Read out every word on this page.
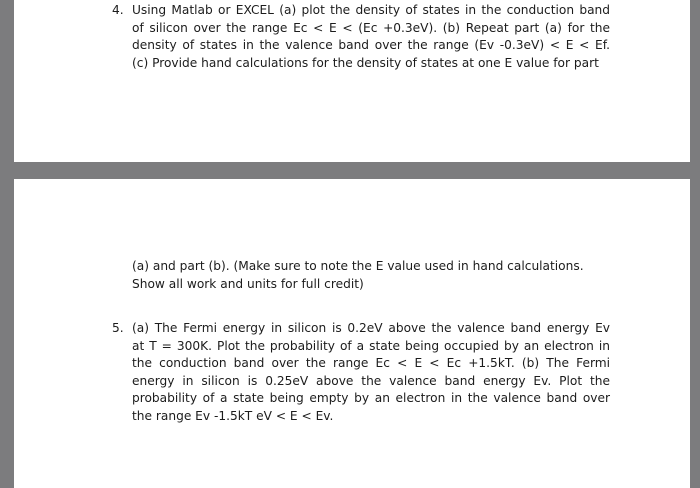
4. Using Matlab or EXCEL (a) plot the density of states in the conduction band
of silicon over the range Ec < E < (Ec +0.3eV). (b) Repeat part (a) for the
density of states in the valence band over the range (Ev -0.3eV) < E < Ef.
(c) Provide hand calculations for the density of states at one E value for part
(a) and part (b). (Make sure to note the E value used in hand calculations.
Show all work and units for full credit)
5. (a) The Fermi energy in silicon is 0.2eV above the valence band energy Ev
at T = 300K. Plot the probability of a state being occupied by an electron in
the conduction band over the range Ec < E < Ec +1.5kT. (b) The Fermi
energy in silicon is 0.25eV above the valence band energy Ev. Plot the
probability of a state being empty by an electron in the valence band over
the range Ev -1.5kT eV < E < Ev.
